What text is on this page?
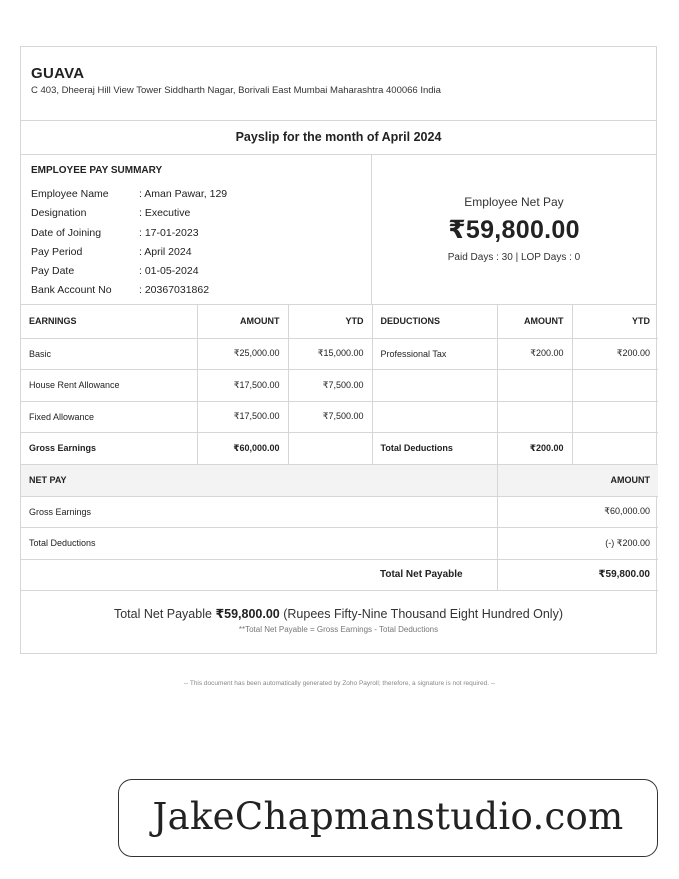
GUAVA
C 403, Dheeraj Hill View Tower Siddharth Nagar, Borivali East Mumbai Maharashtra 400066 India
Payslip for the month of April 2024
EMPLOYEE PAY SUMMARY
Employee Name	: Aman Pawar, 129
Designation	: Executive
Date of Joining	: 17-01-2023
Pay Period	: April 2024
Pay Date	: 01-05-2024
Bank Account No	: 20367031862
Employee Net Pay
₹59,800.00
Paid Days : 30 | LOP Days : 0
EARNINGS	AMOUNT	YTD	DEDUCTIONS	AMOUNT	YTD
Basic	₹25,000.00	₹15,000.00	Professional Tax	₹200.00	₹200.00
House Rent Allowance	₹17,500.00	₹7,500.00			
Fixed Allowance	₹17,500.00	₹7,500.00			
Gross Earnings	₹60,000.00		Total Deductions	₹200.00	
NET PAY		AMOUNT
Gross Earnings		₹60,000.00
Total Deductions		(-) ₹200.00
	Total Net Payable	₹59,800.00
Total Net Payable ₹59,800.00 (Rupees Fifty-Nine Thousand Eight Hundred Only)
**Total Net Payable = Gross Earnings - Total Deductions
-- This document has been automatically generated by Zoho Payroll; therefore, a signature is not required. --
JakeChapmanstudio.com
